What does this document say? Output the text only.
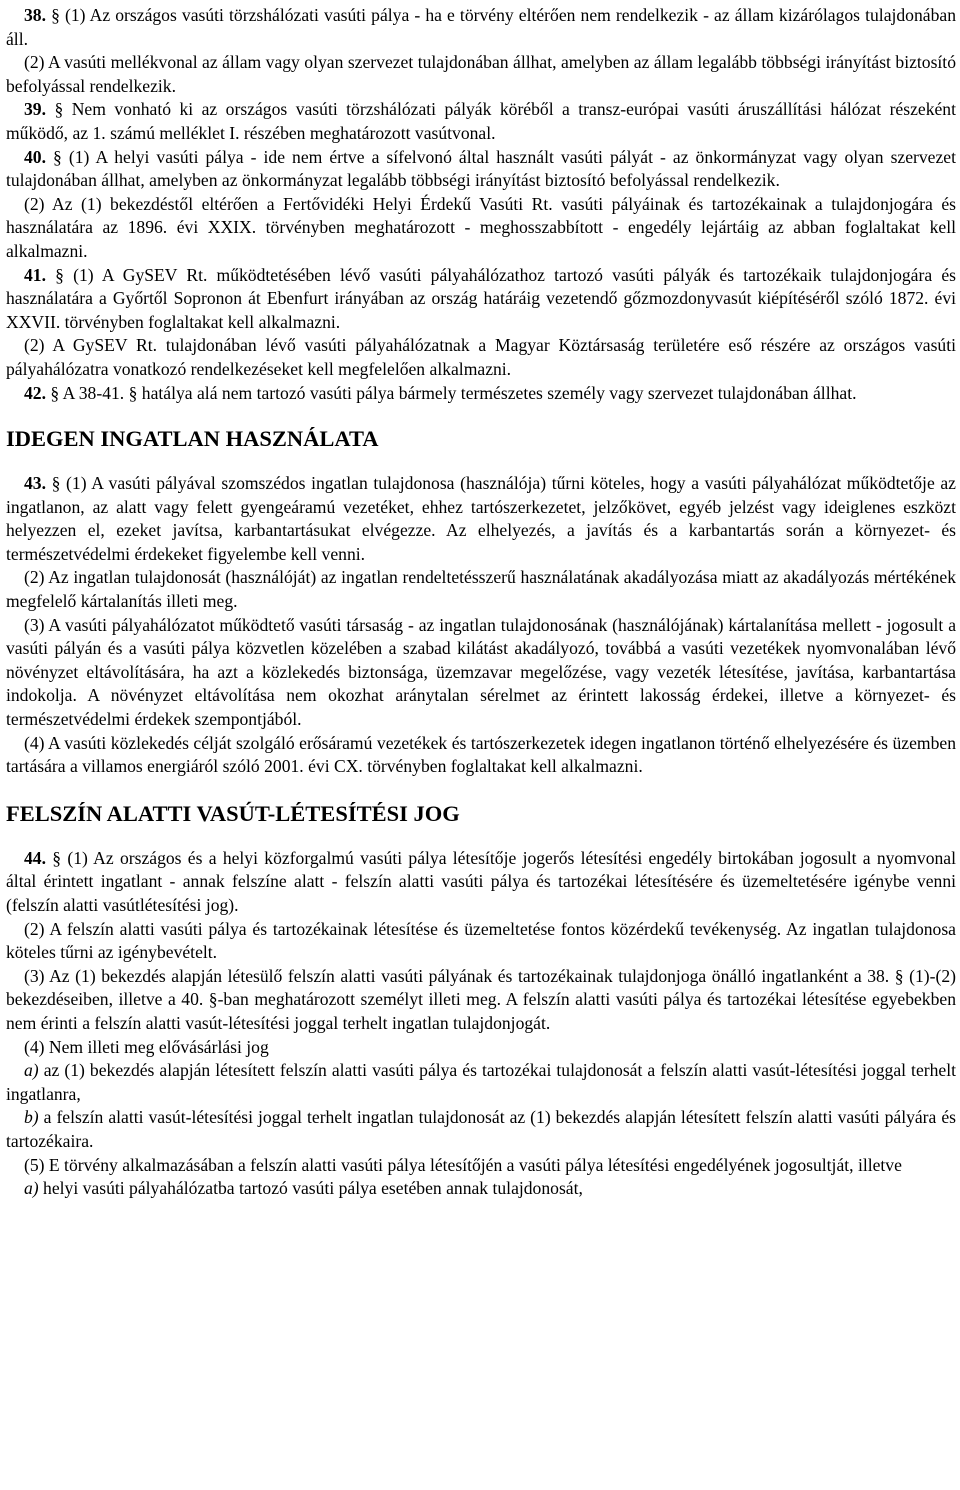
38. § (1) Az országos vasúti törzshálózati vasúti pálya - ha e törvény eltérően nem rendelkezik - az állam kizárólagos tulajdonában áll.

(2) A vasúti mellékvonal az állam vagy olyan szervezet tulajdonában állhat, amelyben az állam legalább többségi irányítást biztosító befolyással rendelkezik.

39. § Nem vonható ki az országos vasúti törzshálózati pályák köréből a transz-európai vasúti áruszállítási hálózat részeként működő, az 1. számú melléklet I. részében meghatározott vasútvonal.

40. § (1) A helyi vasúti pálya - ide nem értve a sífelvonó által használt vasúti pályát - az önkormányzat vagy olyan szervezet tulajdonában állhat, amelyben az önkormányzat legalább többségi irányítást biztosító befolyással rendelkezik.

(2) Az (1) bekezdéstől eltérően a Fertővidéki Helyi Érdekű Vasúti Rt. vasúti pályáinak és tartozékainak a tulajdonjogára és használatára az 1896. évi XXIX. törvényben meghatározott - meghosszabbított - engedély lejártáig az abban foglaltakat kell alkalmazni.

41. § (1) A GySEV Rt. működtetésében lévő vasúti pályahálózathoz tartozó vasúti pályák és tartozékaik tulajdonjogára és használatára a Győrtől Sopronon át Ebenfurt irányában az ország határáig vezetendő gőzmozdonyvasút kiépítéséről szóló 1872. évi XXVII. törvényben foglaltakat kell alkalmazni.

(2) A GySEV Rt. tulajdonában lévő vasúti pályahálózatnak a Magyar Köztársaság területére eső részére az országos vasúti pályahálózatra vonatkozó rendelkezéseket kell megfelelően alkalmazni.

42. § A 38-41. § hatálya alá nem tartozó vasúti pálya bármely természetes személy vagy szervezet tulajdonában állhat.

IDEGEN INGATLAN HASZNÁLATA

43. § (1) A vasúti pályával szomszédos ingatlan tulajdonosa (használója) tűrni köteles, hogy a vasúti pályahálózat működtetője az ingatlanon, az alatt vagy felett gyengeáramú vezetéket, ehhez tartószerkezetet, jelzőkövet, egyéb jelzést vagy ideiglenes eszközt helyezzen el, ezeket javítsa, karbantartásukat elvégezze. Az elhelyezés, a javítás és a karbantartás során a környezet- és természetvédelmi érdekeket figyelembe kell venni.

(2) Az ingatlan tulajdonosát (használóját) az ingatlan rendeltetésszerű használatának akadályozása miatt az akadályozás mértékének megfelelő kártalanítás illeti meg.

(3) A vasúti pályahálózatot működtető vasúti társaság - az ingatlan tulajdonosának (használójának) kártalanítása mellett - jogosult a vasúti pályán és a vasúti pálya közvetlen közelében a szabad kilátást akadályozó, továbbá a vasúti vezetékek nyomvonalában lévő növényzet eltávolítására, ha azt a közlekedés biztonsága, üzemzavar megelőzése, vagy vezeték létesítése, javítása, karbantartása indokolja. A növényzet eltávolítása nem okozhat aránytalan sérelmet az érintett lakosság érdekei, illetve a környezet- és természetvédelmi érdekek szempontjából.

(4) A vasúti közlekedés célját szolgáló erősáramú vezetékek és tartószerkezetek idegen ingatlanon történő elhelyezésére és üzemben tartására a villamos energiáról szóló 2001. évi CX. törvényben foglaltakat kell alkalmazni.

FELSZÍN ALATTI VASÚT-LÉTESÍTÉSI JOG

44. § (1) Az országos és a helyi közforgalmú vasúti pálya létesítője jogerős létesítési engedély birtokában jogosult a nyomvonal által érintett ingatlant - annak felszíne alatt - felszín alatti vasúti pálya és tartozékai létesítésére és üzemeltetésére igénybe venni (felszín alatti vasútlétesítési jog).

(2) A felszín alatti vasúti pálya és tartozékainak létesítése és üzemeltetése fontos közérdekű tevékenység. Az ingatlan tulajdonosa köteles tűrni az igénybevételt.

(3) Az (1) bekezdés alapján létesülő felszín alatti vasúti pályának és tartozékainak tulajdonjoga önálló ingatlanként a 38. § (1)-(2) bekezdéseiben, illetve a 40. §-ban meghatározott személyt illeti meg. A felszín alatti vasúti pálya és tartozékai létesítése egyebekben nem érinti a felszín alatti vasút-létesítési joggal terhelt ingatlan tulajdonjogát.

(4) Nem illeti meg elővásárlási jog

a) az (1) bekezdés alapján létesített felszín alatti vasúti pálya és tartozékai tulajdonosát a felszín alatti vasút-létesítési joggal terhelt ingatlanra,

b) a felszín alatti vasút-létesítési joggal terhelt ingatlan tulajdonosát az (1) bekezdés alapján létesített felszín alatti vasúti pályára és tartozékaira.

(5) E törvény alkalmazásában a felszín alatti vasúti pálya létesítőjén a vasúti pálya létesítési engedélyének jogosultját, illetve

a) helyi vasúti pályahálózatba tartozó vasúti pálya esetében annak tulajdonosát,
